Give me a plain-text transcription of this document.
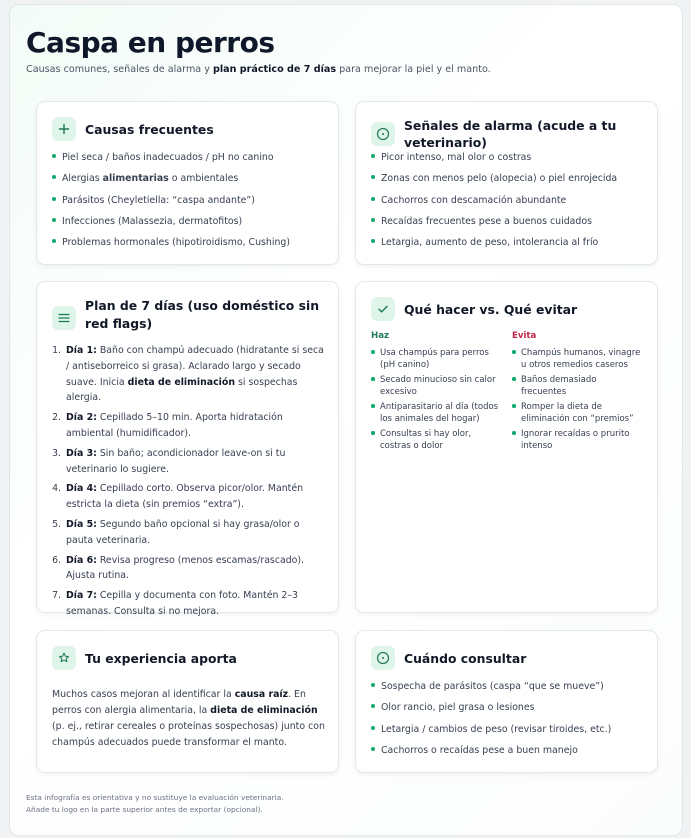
Caspa en perros

Causas comunes, señales de alarma y plan práctico de 7 días para mejorar la piel y el manto.

Causas frecuentes
Piel seca / baños inadecuados / pH no canino
Alergias alimentarias o ambientales
Parásitos (Cheyletiella: “caspa andante”)
Infecciones (Malassezia, dermatofitos)
Problemas hormonales (hipotiroidismo, Cushing)
Señales de alarma (acude a tu veterinario)
Picor intenso, mal olor o costras
Zonas con menos pelo (alopecia) o piel enrojecida
Cachorros con descamación abundante
Recaídas frecuentes pese a buenos cuidados
Letargia, aumento de peso, intolerancia al frío
Plan de 7 días (uso doméstico sin red flags)
1. Día 1: Baño con champú adecuado (hidratante si seca / antiseborreico si grasa). Aclarado largo y secado suave. Inicia dieta de eliminación si sospechas alergia.
2. Día 2: Cepillado 5–10 min. Aporta hidratación ambiental (humidificador).
3. Día 3: Sin baño; acondicionador leave-on si tu veterinario lo sugiere.
4. Día 4: Cepillado corto. Observa picor/olor. Mantén estricta la dieta (sin premios “extra”).
5. Día 5: Segundo baño opcional si hay grasa/olor o pauta veterinaria.
6. Día 6: Revisa progreso (menos escamas/rascado). Ajusta rutina.
7. Día 7: Cepilla y documenta con foto. Mantén 2–3 semanas. Consulta si no mejora.
Qué hacer vs. Qué evitar
Haz	Evita
Usa champús para perros (pH canino)
Secado minucioso sin calor excesivo
Antiparasitario al día (todos los animales del hogar)
Consultas si hay olor, costras o dolor
Champús humanos, vinagre u otros remedios caseros
Baños demasiado frecuentes
Romper la dieta de eliminación con “premios”
Ignorar recaídas o prurito intenso
Tu experiencia aporta

Muchos casos mejoran al identificar la causa raíz. En perros con alergia alimentaria, la dieta de eliminación (p. ej., retirar cereales o proteínas sospechosas) junto con champús adecuados puede transformar el manto.

Cuándo consultar
Sospecha de parásitos (caspa “que se mueve”)
Olor rancio, piel grasa o lesiones
Letargia / cambios de peso (revisar tiroides, etc.)
Cachorros o recaídas pese a buen manejo
Esta infografía es orientativa y no sustituye la evaluación veterinaria.
Añade tu logo en la parte superior antes de exportar (opcional).
